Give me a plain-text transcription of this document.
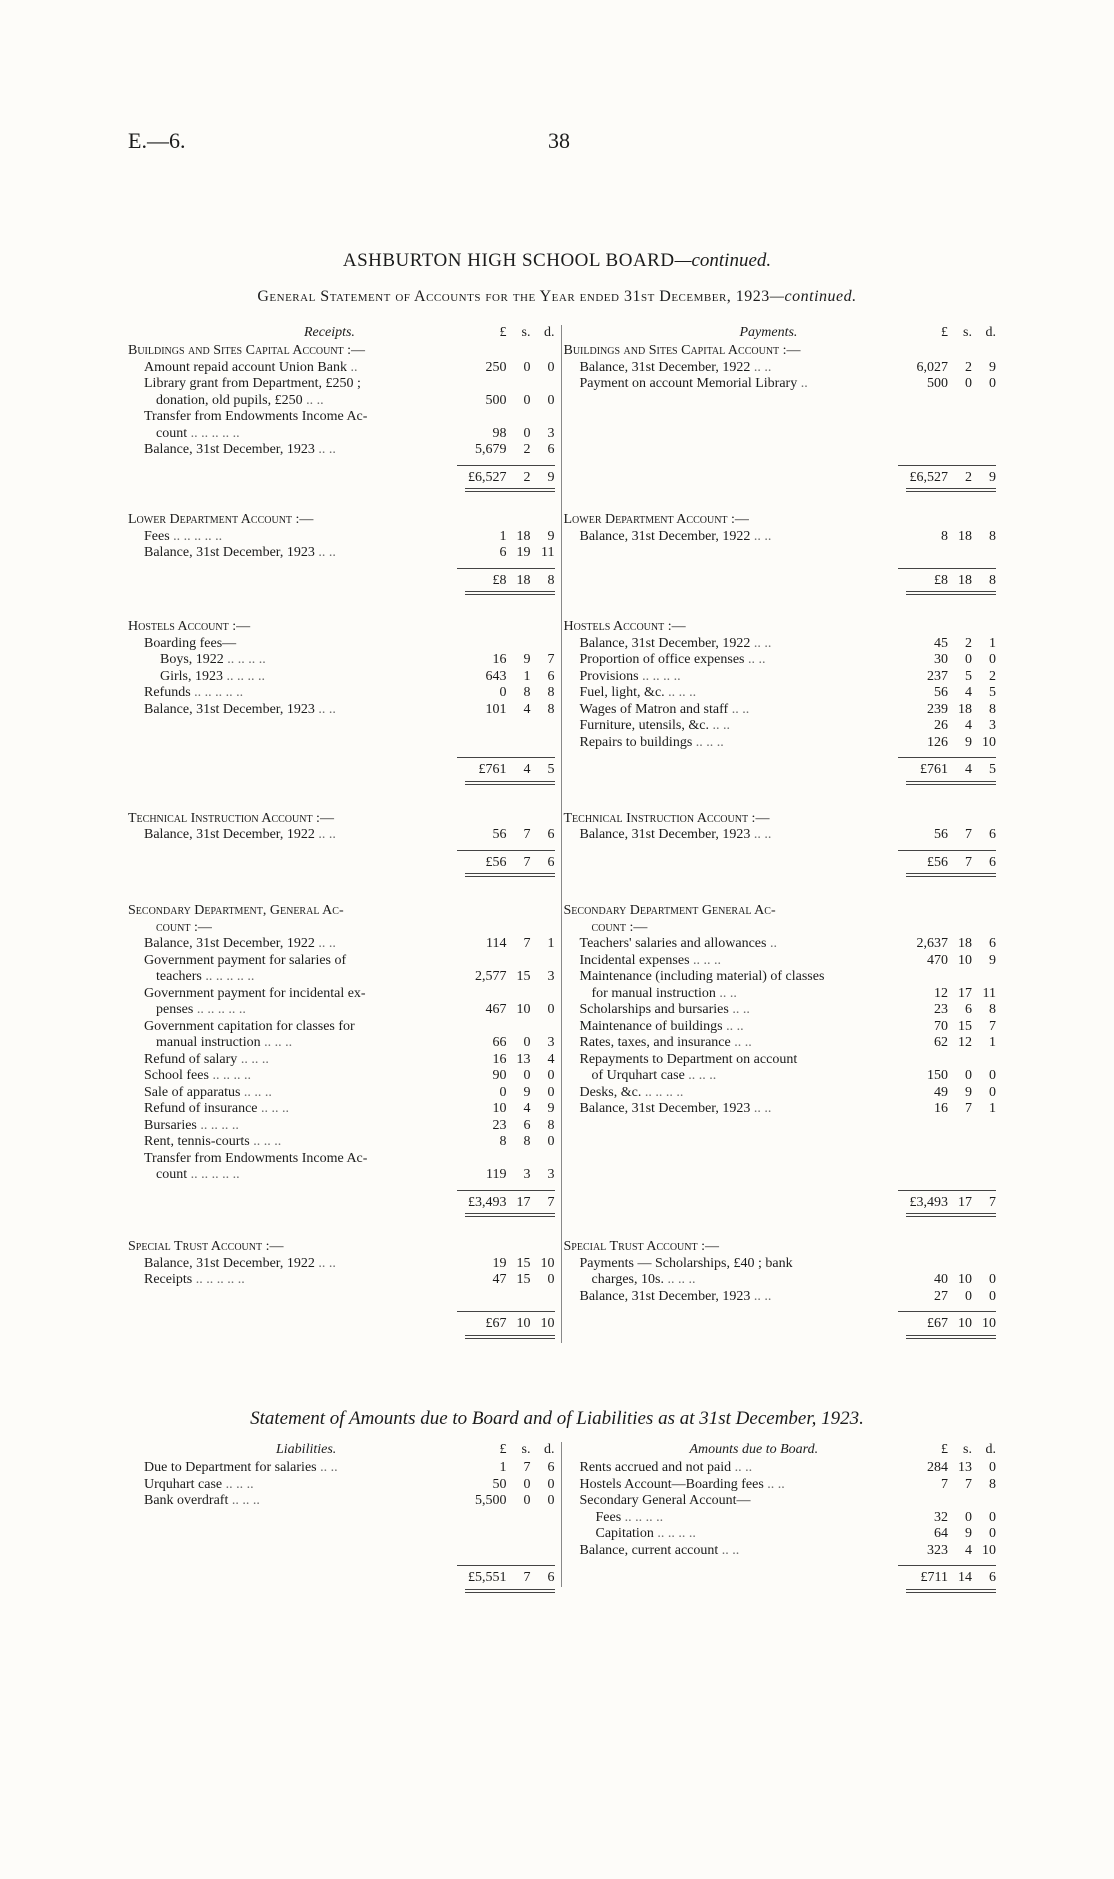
E.—6.	38
ASHBURTON HIGH SCHOOL BOARD—continued.
General Statement of Accounts for the Year ended 31st December, 1923—continued.
Receipts.	£	s. d.	Payments.	£	s. d.
Buildings and Sites Capital Account :—
Amount repaid account Union Bank ..	250	0	0
Library grant from Department, £250 ;
donation, old pupils, £250 .. ..	500	0	0
Transfer from Endowments Income Ac-
count .. .. .. .. ..	98	0	3
Balance, 31st December, 1923 .. ..	5,679	2	6
£6,527	2	9
Buildings and Sites Capital Account :—
Balance, 31st December, 1922 .. ..	6,027	2	9
Payment on account Memorial Library ..	500	0	0
£6,527	2	9
Lower Department Account :—
Fees .. .. .. .. ..	1 18	9
Balance, 31st December, 1923 .. ..	6 19 11
£8 18	8
Lower Department Account :—
Balance, 31st December, 1922 .. ..	8 18	8
£8 18	8
Hostels Account :—
Boarding fees—
Boys, 1922 .. .. .. ..	16	9	7
Girls, 1923 .. .. .. ..	643	1	6
Refunds .. .. .. .. ..	0	8	8
Balance, 31st December, 1923 .. ..	101	4	8
£761	4	5
Hostels Account :—
Balance, 31st December, 1922 .. ..	45	2	1
Proportion of office expenses .. ..	30	0	0
Provisions .. .. .. ..	237	5	2
Fuel, light, &c. .. .. ..	56	4	5
Wages of Matron and staff .. ..	239 18	8
Furniture, utensils, &c. .. ..	26	4	3
Repairs to buildings .. .. ..	126	9 10
£761	4	5
Technical Instruction Account :—
Balance, 31st December, 1922 .. ..	56	7	6
£56	7	6
Technical Instruction Account :—
Balance, 31st December, 1923 .. ..	56	7	6
£56	7	6
Secondary Department, General Ac-
count :—
Balance, 31st December, 1922 .. ..	114	7	1
Government payment for salaries of
teachers .. .. .. .. ..	2,577 15	3
Government payment for incidental ex-
penses .. .. .. .. ..	467 10	0
Government capitation for classes for
manual instruction .. .. ..	66	0	3
Refund of salary .. .. ..	16 13	4
School fees .. .. .. ..	90	0	0
Sale of apparatus .. .. ..	0	9	0
Refund of insurance .. .. ..	10	4	9
Bursaries .. .. .. ..	23	6	8
Rent, tennis-courts .. .. ..	8	8	0
Transfer from Endowments Income Ac-
count .. .. .. .. ..	119	3	3
£3,493 17	7
Secondary Department General Ac-
count :—
Teachers' salaries and allowances ..	2,637 18	6
Incidental expenses .. .. ..	470 10	9
Maintenance (including material) of classes
for manual instruction .. ..	12 17 11
Scholarships and bursaries .. ..	23	6	8
Maintenance of buildings .. ..	70 15	7
Rates, taxes, and insurance .. ..	62 12	1
Repayments to Department on account
of Urquhart case .. .. ..	150	0	0
Desks, &c. .. .. .. ..	49	9	0
Balance, 31st December, 1923 .. ..	16	7	1
£3,493 17	7
Special Trust Account :—
Balance, 31st December, 1922 .. ..	19 15 10
Receipts .. .. .. .. ..	47 15	0
£67 10 10
Special Trust Account :—
Payments — Scholarships, £40 ; bank
charges, 10s. .. .. ..	40 10	0
Balance, 31st December, 1923 .. ..	27	0	0
£67 10 10
Statement of Amounts due to Board and of Liabilities as at 31st December, 1923.
Liabilities.	£	s. d.	Amounts due to Board.	£	s. d.
Due to Department for salaries .. ..	1	7	6
Urquhart case .. .. ..	50	0	0
Bank overdraft .. .. ..	5,500	0	0
£5,551	7	6
Rents accrued and not paid .. ..	284 13	0
Hostels Account—Boarding fees .. ..	7	7	8
Secondary General Account—
Fees .. .. .. ..	32	0	0
Capitation .. .. .. ..	64	9	0
Balance, current account .. ..	323	4 10
£711 14	6
